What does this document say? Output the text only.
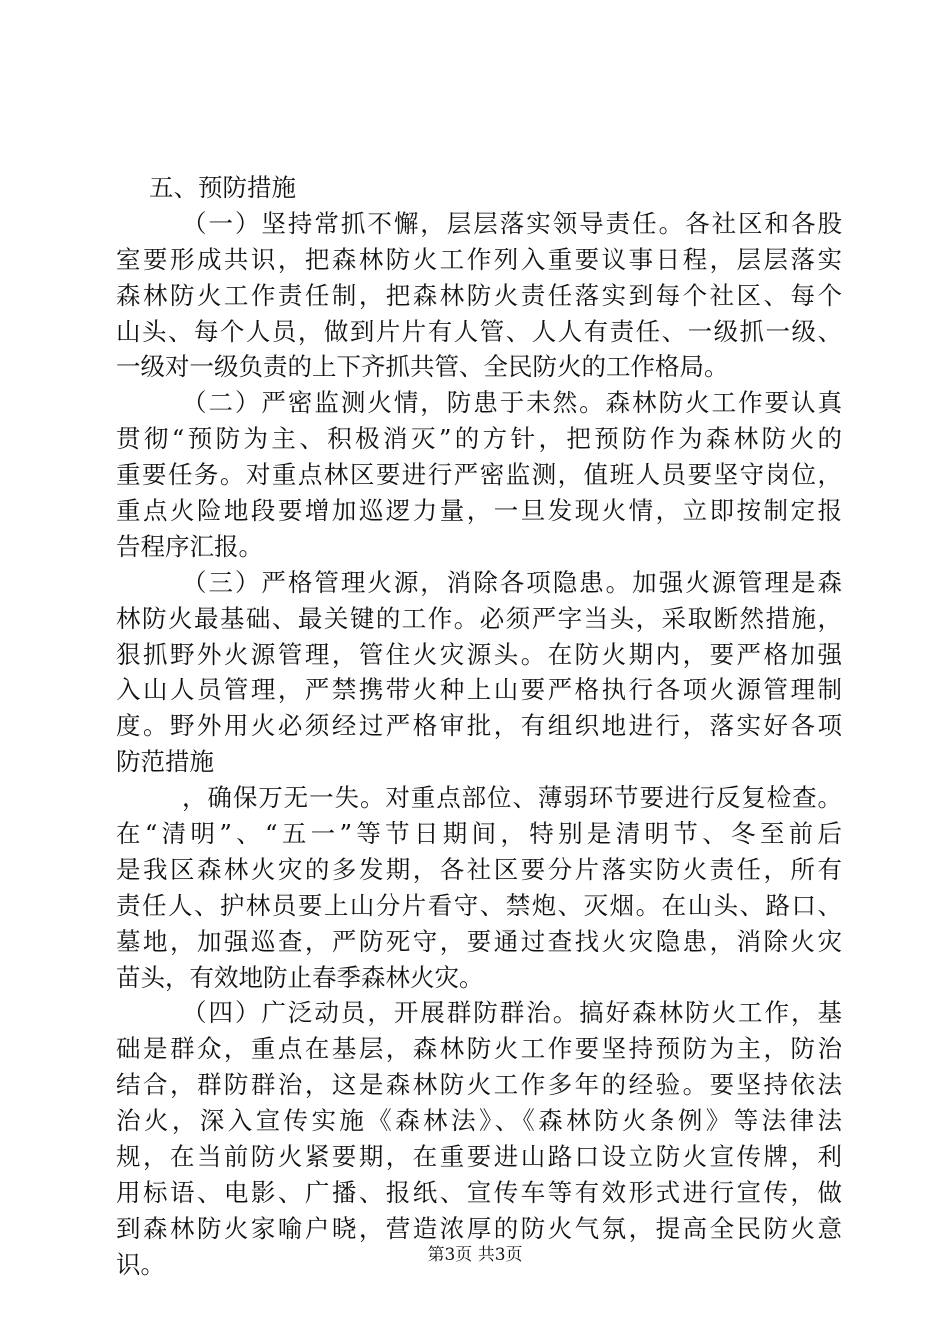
五、预防措施
（一）坚持常抓不懈，层层落实领导责任。各社区和各股
室要形成共识，把森林防火工作列入重要议事日程，层层落实
森林防火工作责任制，把森林防火责任落实到每个社区、每个
山头、每个人员，做到片片有人管、人人有责任、一级抓一级、
一级对一级负责的上下齐抓共管、全民防火的工作格局。
（二）严密监测火情，防患于未然。森林防火工作要认真
贯彻“预防为主、积极消灭”的方针，把预防作为森林防火的
重要任务。对重点林区要进行严密监测，值班人员要坚守岗位，
重点火险地段要增加巡逻力量，一旦发现火情，立即按制定报
告程序汇报。
（三）严格管理火源，消除各项隐患。加强火源管理是森
林防火最基础、最关键的工作。必须严字当头，采取断然措施，
狠抓野外火源管理，管住火灾源头。在防火期内，要严格加强
入山人员管理，严禁携带火种上山要严格执行各项火源管理制
度。野外用火必须经过严格审批，有组织地进行，落实好各项
防范措施
，确保万无一失。对重点部位、薄弱环节要进行反复检查。
在“清明”、“五一”等节日期间，特别是清明节、冬至前后
是我区森林火灾的多发期，各社区要分片落实防火责任，所有
责任人、护林员要上山分片看守、禁炮、灭烟。在山头、路口、
墓地，加强巡查，严防死守，要通过查找火灾隐患，消除火灾
苗头，有效地防止春季森林火灾。
（四）广泛动员，开展群防群治。搞好森林防火工作，基
础是群众，重点在基层，森林防火工作要坚持预防为主，防治
结合，群防群治，这是森林防火工作多年的经验。要坚持依法
治火，深入宣传实施《森林法》、《森林防火条例》等法律法
规，在当前防火紧要期，在重要进山路口设立防火宣传牌，利
用标语、电影、广播、报纸、宣传车等有效形式进行宣传，做
到森林防火家喻户晓，营造浓厚的防火气氛，提高全民防火意
识。	第3页 共3页
